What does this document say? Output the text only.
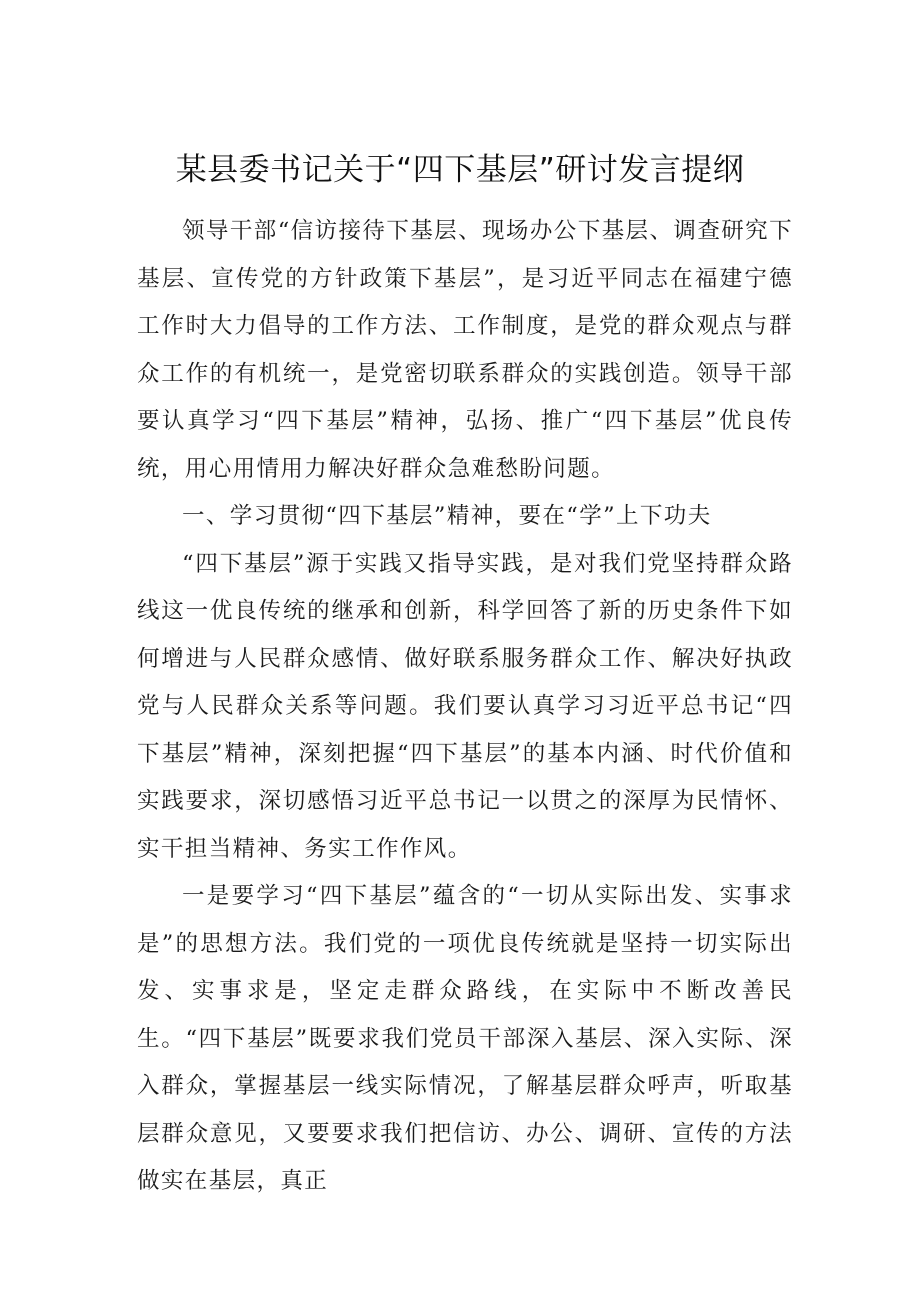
某县委书记关于“四下基层”研讨发言提纲

领导干部“信访接待下基层、现场办公下基层、调查研究下基层、宣传党的方针政策下基层”，是习近平同志在福建宁德工作时大力倡导的工作方法、工作制度，是党的群众观点与群众工作的有机统一，是党密切联系群众的实践创造。领导干部要认真学习“四下基层”精神，弘扬、推广“四下基层”优良传统，用心用情用力解决好群众急难愁盼问题。

一、学习贯彻“四下基层”精神，要在“学”上下功夫

“四下基层”源于实践又指导实践，是对我们党坚持群众路线这一优良传统的继承和创新，科学回答了新的历史条件下如何增进与人民群众感情、做好联系服务群众工作、解决好执政党与人民群众关系等问题。我们要认真学习习近平总书记“四下基层”精神，深刻把握“四下基层”的基本内涵、时代价值和实践要求，深切感悟习近平总书记一以贯之的深厚为民情怀、实干担当精神、务实工作作风。

一是要学习“四下基层”蕴含的“一切从实际出发、实事求是”的思想方法。我们党的一项优良传统就是坚持一切实际出发、实事求是，坚定走群众路线，在实际中不断改善民生。“四下基层”既要求我们党员干部深入基层、深入实际、深入群众，掌握基层一线实际情况，了解基层群众呼声，听取基层群众意见，又要要求我们把信访、办公、调研、宣传的方法做实在基层，真正
